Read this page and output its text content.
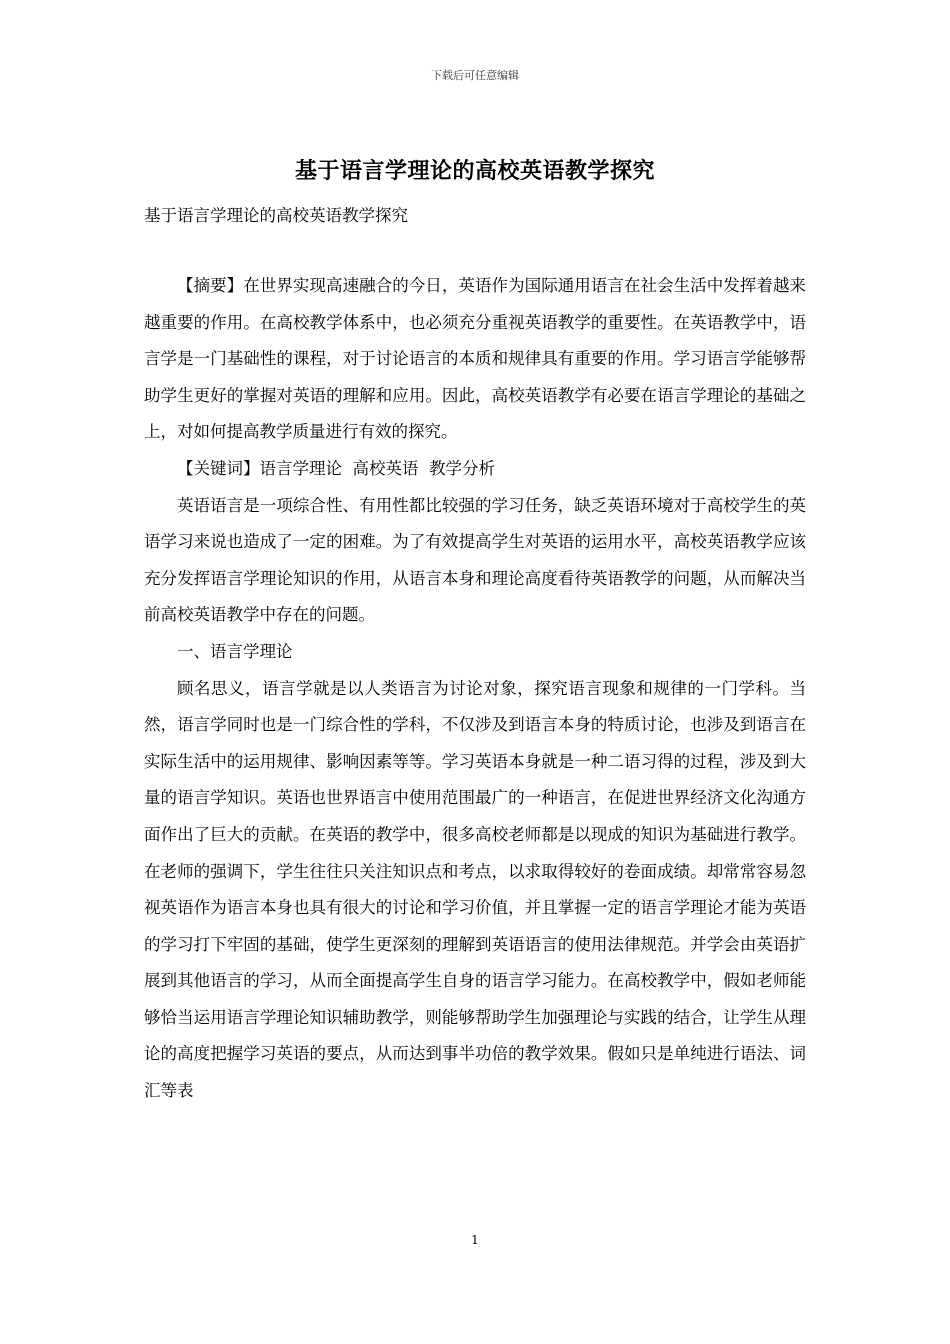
下载后可任意编辑
基于语言学理论的高校英语教学探究
基于语言学理论的高校英语教学探究

【摘要】在世界实现高速融合的今日，英语作为国际通用语言在社会生活中发挥着越来越重要的作用。在高校教学体系中，也必须充分重视英语教学的重要性。在英语教学中，语言学是一门基础性的课程，对于讨论语言的本质和规律具有重要的作用。学习语言学能够帮助学生更好的掌握对英语的理解和应用。因此，高校英语教学有必要在语言学理论的基础之上，对如何提高教学质量进行有效的探究。

【关键词】语言学理论  高校英语  教学分析

英语语言是一项综合性、有用性都比较强的学习任务，缺乏英语环境对于高校学生的英语学习来说也造成了一定的困难。为了有效提高学生对英语的运用水平，高校英语教学应该充分发挥语言学理论知识的作用，从语言本身和理论高度看待英语教学的问题，从而解决当前高校英语教学中存在的问题。

一、语言学理论

顾名思义，语言学就是以人类语言为讨论对象，探究语言现象和规律的一门学科。当然，语言学同时也是一门综合性的学科，不仅涉及到语言本身的特质讨论，也涉及到语言在实际生活中的运用规律、影响因素等等。学习英语本身就是一种二语习得的过程，涉及到大量的语言学知识。英语也世界语言中使用范围最广的一种语言，在促进世界经济文化沟通方面作出了巨大的贡献。在英语的教学中，很多高校老师都是以现成的知识为基础进行教学。在老师的强调下，学生往往只关注知识点和考点，以求取得较好的卷面成绩。却常常容易忽视英语作为语言本身也具有很大的讨论和学习价值，并且掌握一定的语言学理论才能为英语的学习打下牢固的基础，使学生更深刻的理解到英语语言的使用法律规范。并学会由英语扩展到其他语言的学习，从而全面提高学生自身的语言学习能力。在高校教学中，假如老师能够恰当运用语言学理论知识辅助教学，则能够帮助学生加强理论与实践的结合，让学生从理论的高度把握学习英语的要点，从而达到事半功倍的教学效果。假如只是单纯进行语法、词汇等表

1
